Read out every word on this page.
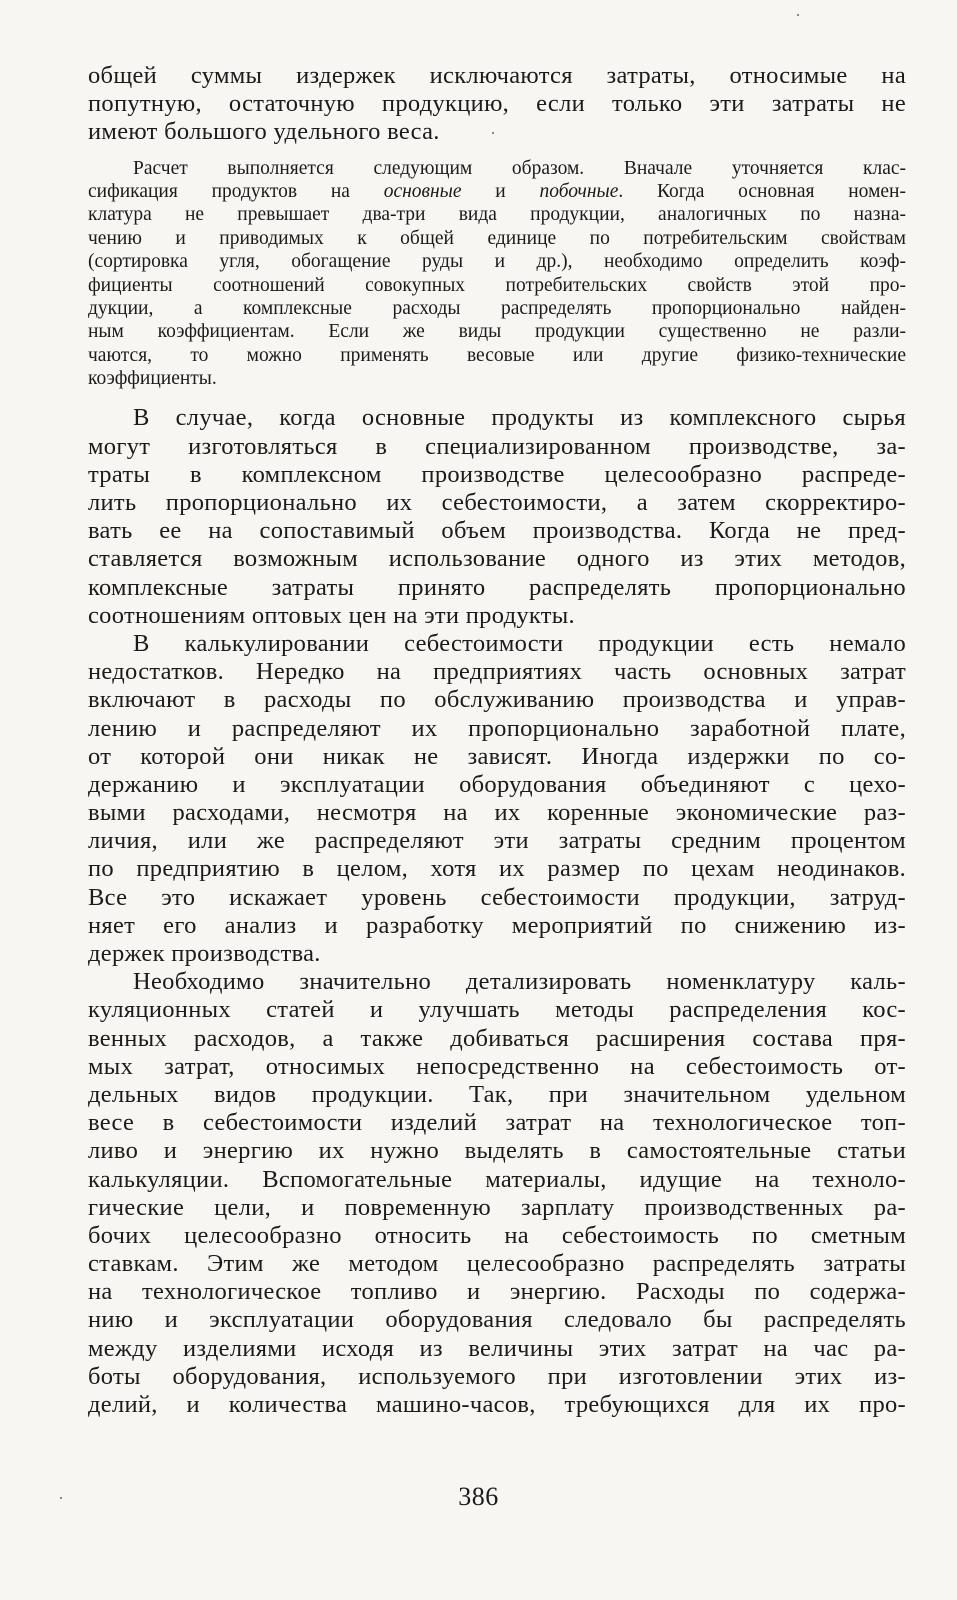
общей суммы издержек исключаются затраты, относимые на
попутную, остаточную продукцию, если только эти затраты не
имеют большого удельного веса.
Расчет выполняется следующим образом. Вначале уточняется клас-
сификация продуктов на основные и побочные. Когда основная номен-
клатура не превышает два-три вида продукции, аналогичных по назна-
чению и приводимых к общей единице по потребительским свойствам
(сортировка угля, обогащение руды и др.), необходимо определить коэф-
фициенты соотношений совокупных потребительских свойств этой про-
дукции, а комплексные расходы распределять пропорционально найден-
ным коэффициентам. Если же виды продукции существенно не разли-
чаются, то можно применять весовые или другие физико-технические
коэффициенты.
В случае, когда основные продукты из комплексного сырья
могут изготовляться в специализированном производстве, за-
траты в комплексном производстве целесообразно распреде-
лить пропорционально их себестоимости, а затем скорректиро-
вать ее на сопоставимый объем производства. Когда не пред-
ставляется возможным использование одного из этих методов,
комплексные затраты принято распределять пропорционально
соотношениям оптовых цен на эти продукты.
В калькулировании себестоимости продукции есть немало
недостатков. Нередко на предприятиях часть основных затрат
включают в расходы по обслуживанию производства и управ-
лению и распределяют их пропорционально заработной плате,
от которой они никак не зависят. Иногда издержки по со-
держанию и эксплуатации оборудования объединяют с цехо-
выми расходами, несмотря на их коренные экономические раз-
личия, или же распределяют эти затраты средним процентом
по предприятию в целом, хотя их размер по цехам неодинаков.
Все это искажает уровень себестоимости продукции, затруд-
няет его анализ и разработку мероприятий по снижению из-
держек производства.
Необходимо значительно детализировать номенклатуру каль-
куляционных статей и улучшать методы распределения кос-
венных расходов, а также добиваться расширения состава пря-
мых затрат, относимых непосредственно на себестоимость от-
дельных видов продукции. Так, при значительном удельном
весе в себестоимости изделий затрат на технологическое топ-
ливо и энергию их нужно выделять в самостоятельные статьи
калькуляции. Вспомогательные материалы, идущие на техноло-
гические цели, и повременную зарплату производственных ра-
бочих целесообразно относить на себестоимость по сметным
ставкам. Этим же методом целесообразно распределять затраты
на технологическое топливо и энергию. Расходы по содержа-
нию и эксплуатации оборудования следовало бы распределять
между изделиями исходя из величины этих затрат на час ра-
боты оборудования, используемого при изготовлении этих из-
делий, и количества машино-часов, требующихся для их про-
386
